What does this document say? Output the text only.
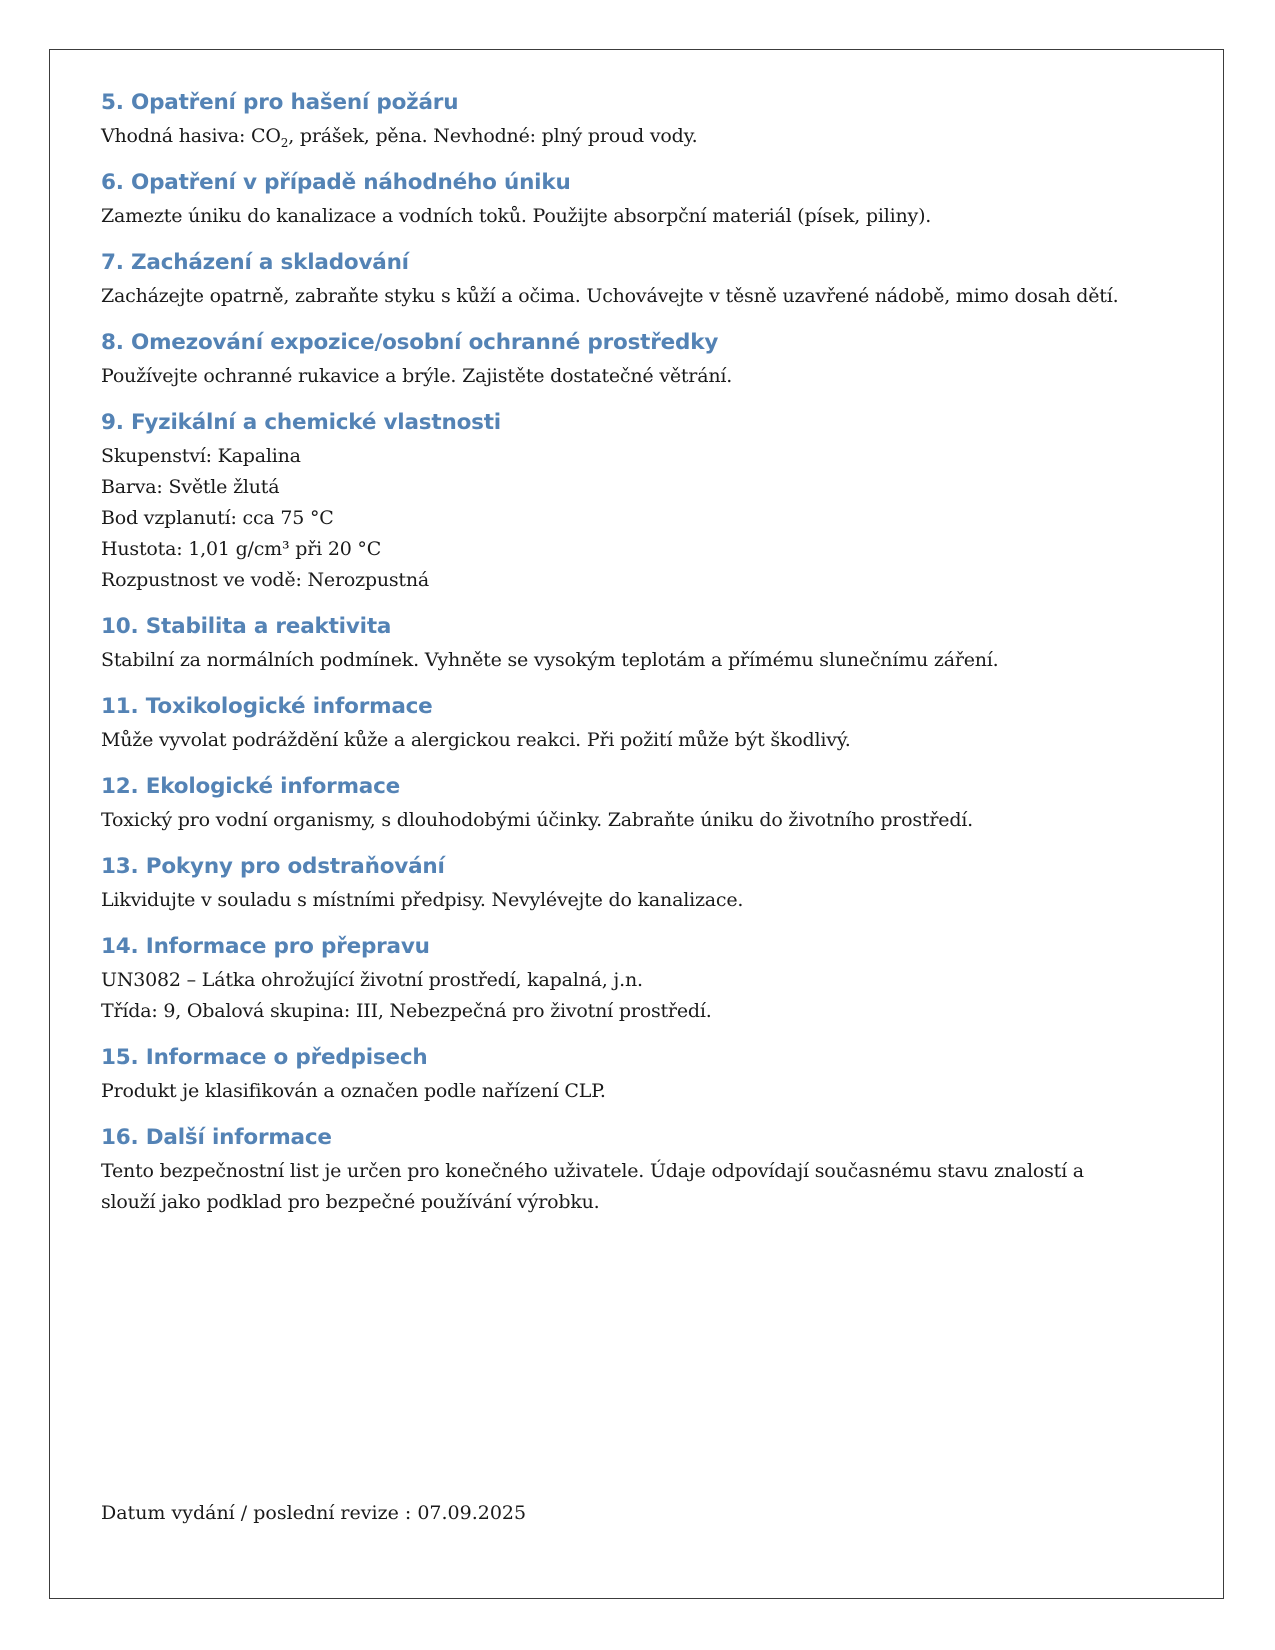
5. Opatření pro hašení požáru
Vhodná hasiva: $CO_2$, prášek, pěna. Nevhodné: plný proud vody.
6. Opatření v případě náhodného úniku
Zamezte úniku do kanalizace a vodních toků. Použijte absorpční materiál (písek, piliny).
7. Zacházení a skladování
Zacházejte opatrně, zabraňte styku s kůží a očima. Uchovávejte v těsně uzavřené nádobě, mimo dosah dětí.
8. Omezování expozice/osobní ochranné prostředky
Používejte ochranné rukavice a brýle. Zajistěte dostatečné větrání.
9. Fyzikální a chemické vlastnosti
Skupenství: Kapalina
Barva: Světle žlutá
Bod vzplanutí: cca 75 °C
Hustota: 1,01 g/cm³ při 20 °C
Rozpustnost ve vodě: Nerozpustná
10. Stabilita a reaktivita
Stabilní za normálních podmínek. Vyhněte se vysokým teplotám a přímému slunečnímu záření.
11. Toxikologické informace
Může vyvolat podráždění kůže a alergickou reakci. Při požití může být škodlivý.
12. Ekologické informace
Toxický pro vodní organismy, s dlouhodobými účinky. Zabraňte úniku do životního prostředí.
13. Pokyny pro odstraňování
Likvidujte v souladu s místními předpisy. Nevylévejte do kanalizace.
14. Informace pro přepravu
UN3082 – Látka ohrožující životní prostředí, kapalná, j.n.
Třída: 9, Obalová skupina: III, Nebezpečná pro životní prostředí.
15. Informace o předpisech
Produkt je klasifikován a označen podle nařízení CLP.
16. Další informace
Tento bezpečnostní list je určen pro konečného uživatele. Údaje odpovídají současnému stavu znalostí a
slouží jako podklad pro bezpečné používání výrobku.
Datum vydání / poslední revize : 07.09.2025
